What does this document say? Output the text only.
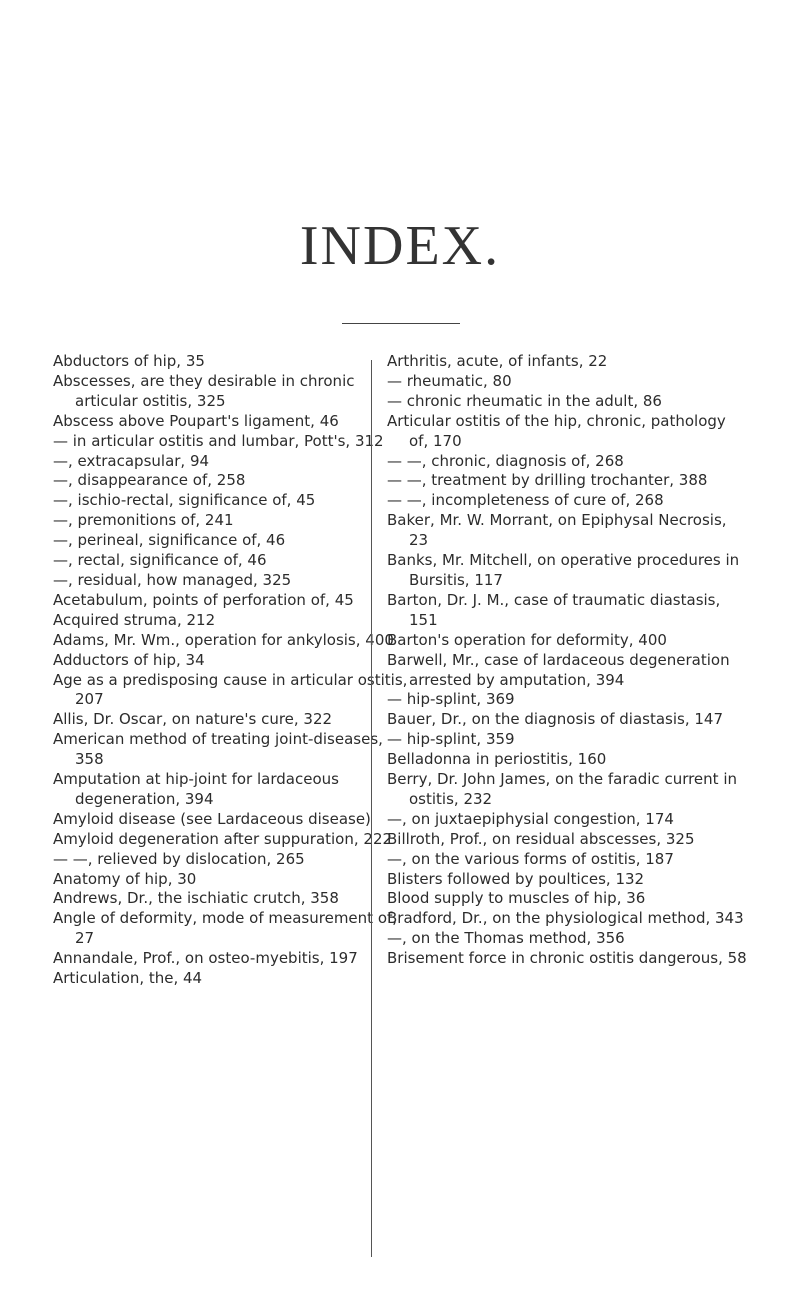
INDEX.

Abductors of hip, 35

Abscesses, are they desirable in chronic articular ostitis, 325

Abscess above Poupart's ligament, 46

— in articular ostitis and lumbar, Pott's, 312

—, extracapsular, 94

—, disappearance of, 258

—, ischio-rectal, significance of, 45

—, premonitions of, 241

—, perineal, significance of, 46

—, rectal, significance of, 46

—, residual, how managed, 325

Acetabulum, points of perforation of, 45

Acquired struma, 212

Adams, Mr. Wm., operation for ankylosis, 400

Adductors of hip, 34

Age as a predisposing cause in articular ostitis, 207

Allis, Dr. Oscar, on nature's cure, 322

American method of treating joint-diseases, 358

Amputation at hip-joint for lardaceous degeneration, 394

Amyloid disease (see Lardaceous disease)

Amyloid degeneration after suppuration, 222

— —, relieved by dislocation, 265

Anatomy of hip, 30

Andrews, Dr., the ischiatic crutch, 358

Angle of deformity, mode of measurement of, 27

Annandale, Prof., on osteo-myebitis, 197

Articulation, the, 44

Arthritis, acute, of infants, 22

— rheumatic, 80

— chronic rheumatic in the adult, 86

Articular ostitis of the hip, chronic, pathology of, 170

— —, chronic, diagnosis of, 268

— —, treatment by drilling trochanter, 388

— —, incompleteness of cure of, 268

Baker, Mr. W. Morrant, on Epiphysal Necrosis, 23

Banks, Mr. Mitchell, on operative procedures in Bursitis, 117

Barton, Dr. J. M., case of traumatic diastasis, 151

Barton's operation for deformity, 400

Barwell, Mr., case of lardaceous degeneration arrested by amputation, 394

— hip-splint, 369

Bauer, Dr., on the diagnosis of diastasis, 147

— hip-splint, 359

Belladonna in periostitis, 160

Berry, Dr. John James, on the faradic current in ostitis, 232

—, on juxtaepiphysial congestion, 174

Billroth, Prof., on residual abscesses, 325

—, on the various forms of ostitis, 187

Blisters followed by poultices, 132

Blood supply to muscles of hip, 36

Bradford, Dr., on the physiological method, 343

—, on the Thomas method, 356

Brisement force in chronic ostitis dangerous, 58
